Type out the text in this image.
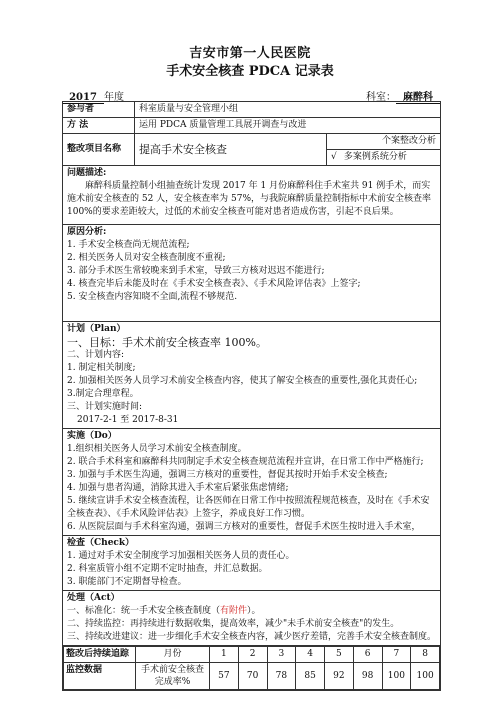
吉安市第一人民医院
手术安全核查 PDCA 记录表
2017 年度	科室： 麻醉科
参与者	科室质量与安全管理小组
方 法	运用 PDCA 质量管理工具展开调查与改进
整改项目名称	提高手术安全核查	个案整改分析
√ 多案例系统分析

问题描述:
麻醉科质量控制小组抽查统计发现 2017 年 1 月份麻醉科住手术室共 91 例手术，而实施术前安全核查的 52 人，安全核查率为 57%，与我院麻醉质量控制指标中术前安全核查率 100%的要求差距较大，过低的术前安全核查可能对患者造成伤害，引起不良后果。

原因分析:
1. 手术安全核查尚无规范流程;
2. 相关医务人员对安全核查制度不重视;
3. 部分手术医生常较晚来到手术室，导致三方核对迟迟不能进行;
4. 核查完毕后未能及时在《手术安全核查表》、《手术风险评估表》上签字;
5. 安全核查内容知晓不全面,流程不够规范.

计划（Plan）
一、目标：手术术前安全核查率 100%。
二、计划内容:
1. 制定相关制度;
2. 加强相关医务人员学习术前安全核查内容，使其了解安全核查的重要性,强化其责任心;
3.制定合理章程。
三、计划实施时间:
2017-2-1 至 2017-8-31

实施（Do）
1.组织相关医务人员学习术前安全核查制度。
2. 联合手术科室和麻醉科共同制定手术安全核查规范流程并宣讲，在日常工作中严格施行;
3. 加强与手术医生沟通，强调三方核对的重要性，督促其按时开始手术安全核查;
4. 加强与患者沟通，消除其进入手术室后紧张焦虑情绪;
5. 继续宣讲手术安全核查流程，让各医师在日常工作中按照流程规范核查，及时在《手术安全核查表》、《手术风险评估表》上签字，养成良好工作习惯。
6. 从医院层面与手术科室沟通，强调三方核对的重要性，督促手术医生按时进入手术室，

检查（Check）
1. 通过对手术安全制度学习加强相关医务人员的责任心。
2. 科室质管小组不定期不定时抽查，并汇总数据。
3. 职能部门不定期督导检查。

处理（Act）
一、标准化：统一手术安全核查制度（有附件）。
二、持续监控：再持续进行数据收集，提高效率，减少"未手术前安全核查"的发生。
三、持续改进建议：进一步细化手术安全核查内容，减少医疗差错，完善手术安全核查制度。

整改后持续追踪	月份	1	2	3	4	5	6	7	8
监控数据	手术前安全核查完成率%	57	70	78	85	92	98	100	100
